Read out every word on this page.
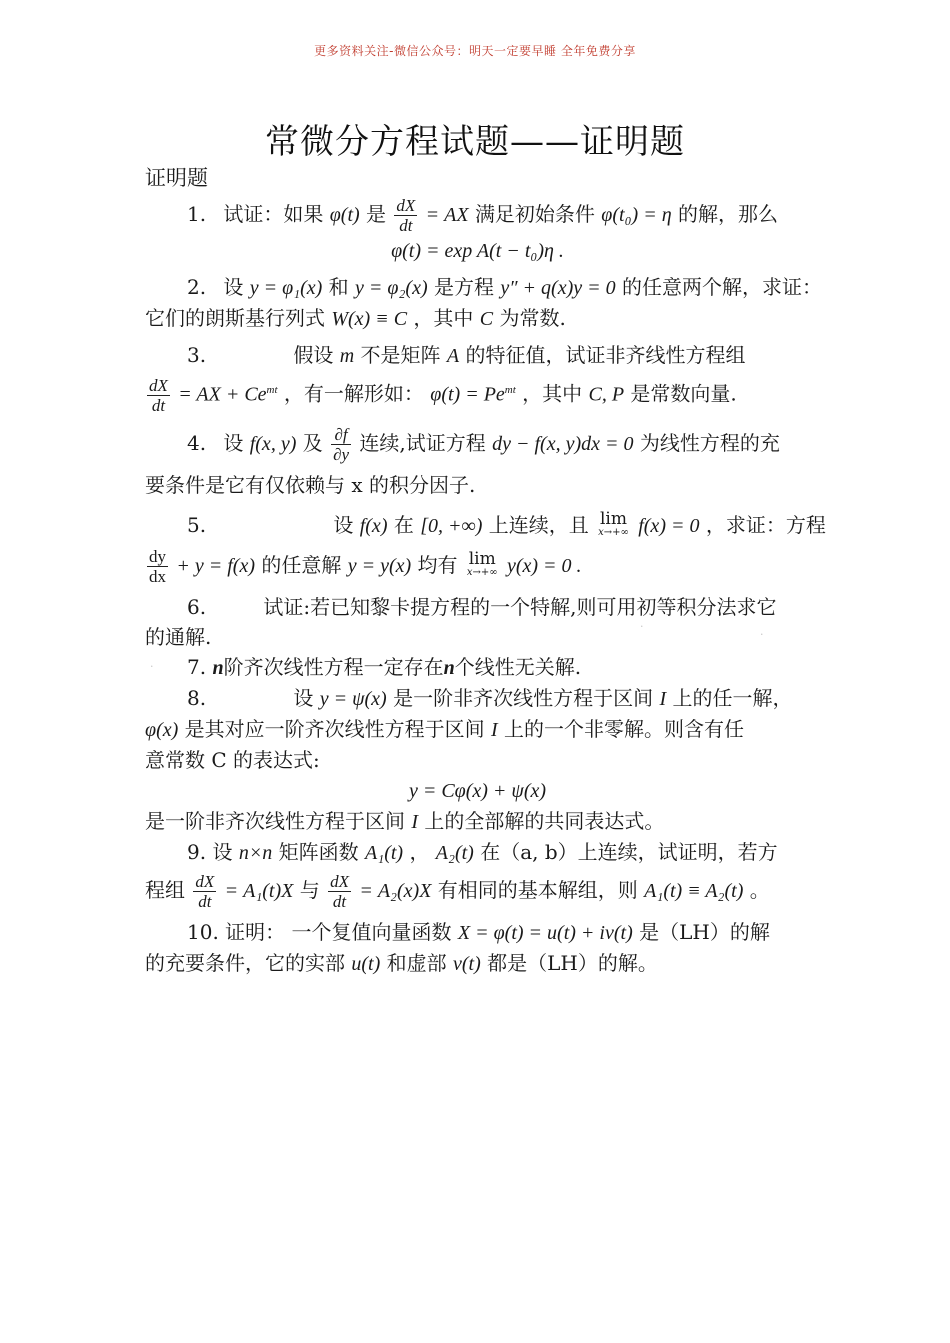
更多资料关注-微信公众号：明天一定要早睡 全年免费分享
常微分方程试题——证明题
证明题
·
·
·
1. 试证：如果 φ(t) 是 $\frac{dX}{dt}$ = AX 满足初始条件 φ(t₀) = η 的解，那么
φ(t) = exp A(t − t₀)η .
2. 设 y = φ₁(x) 和 y = φ₂(x) 是方程 y″ + q(x)y = 0 的任意两个解，求证：
它们的朗斯基行列式 W(x) ≡ C ，其中 C 为常数.
3.	假设 m 不是矩阵 A 的特征值，试证非齐线性方程组
$\frac{dX}{dt}$ = AX + $Ce^{mt}$ ，有一解形如： $\varphi(t) = Pe^{mt}$ ，其中 C, P 是常数向量.
4. 设 f(x, y) 及 $\frac{\partial f}{\partial y}$ 连续,试证方程 dy − f(x, y)dx = 0 为线性方程的充
要条件是它有仅依赖与 x 的积分因子.
5.	设 f(x) 在 [0, +∞) 上连续，且 lim
x→+∞ f(x) = 0 ，求证：方程
$\frac{dy}{dx} + y = f(x)$ 的任意解 y = y(x) 均有 lim
x→+∞ y(x) = 0 .
6.	试证:若已知黎卡提方程的一个特解,则可用初等积分法求它
的通解.
7. n阶齐次线性方程一定存在n个线性无关解.
8.	设 y = ψ(x) 是一阶非齐次线性方程于区间 I 上的任一解，
φ(x) 是其对应一阶齐次线性方程于区间 I 上的一个非零解。则含有任
意常数 C 的表达式:
y = Cφ(x) + ψ(x)
是一阶非齐次线性方程于区间 I 上的全部解的共同表达式。
9. 设 n×n 矩阵函数 A₁(t) ， A₂(t) 在（a, b）上连续，试证明，若方
程组 $\frac{dX}{dt} = A_1(t)X$ 与 $\frac{dX}{dt} = A_2(x)X$ 有相同的基本解组，则 A₁(t) ≡ A₂(t) 。
10. 证明： 一个复值向量函数 X = φ(t) = u(t) + iv(t) 是（LH）的解
的充要条件，它的实部 u(t) 和虚部 v(t) 都是（LH）的解。
